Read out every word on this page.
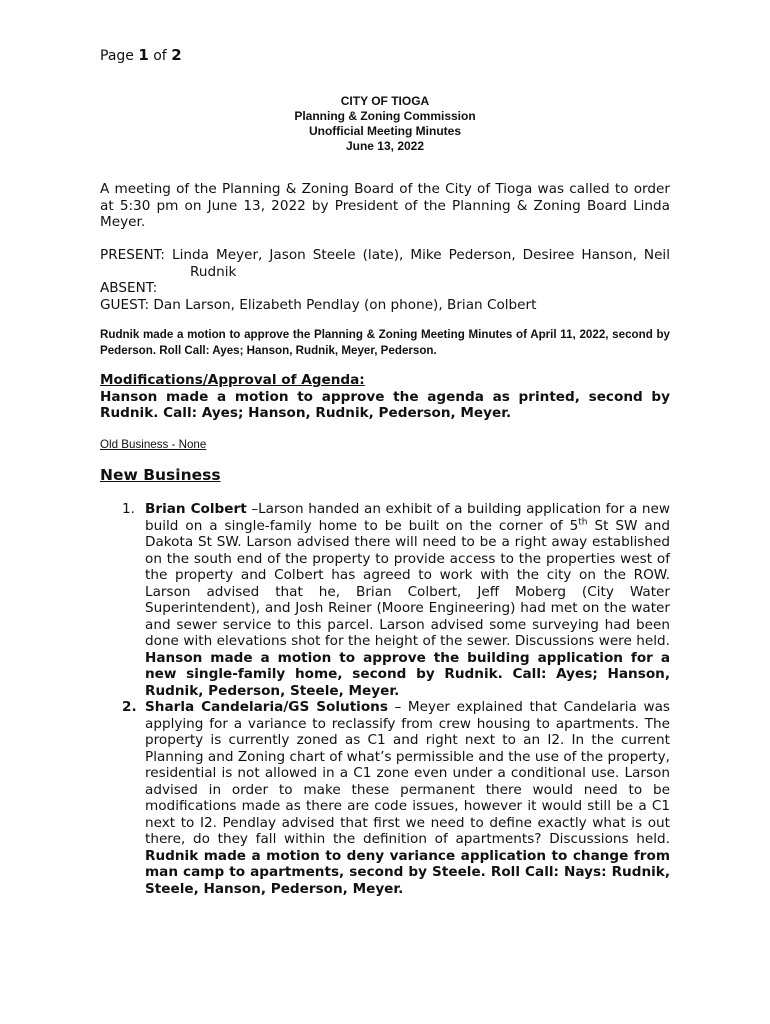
Page 1 of 2
CITY OF TIOGA
Planning & Zoning Commission
Unofficial Meeting Minutes
June 13, 2022
A meeting of the Planning & Zoning Board of the City of Tioga was called to order at 5:30 pm on June 13, 2022 by President of the Planning & Zoning Board Linda Meyer.
PRESENT: Linda Meyer, Jason Steele (late), Mike Pederson, Desiree Hanson, Neil
Rudnik
ABSENT:
GUEST: Dan Larson, Elizabeth Pendlay (on phone), Brian Colbert
Rudnik made a motion to approve the Planning & Zoning Meeting Minutes of April 11, 2022, second by Pederson. Roll Call: Ayes; Hanson, Rudnik, Meyer, Pederson.
Modifications/Approval of Agenda:
Hanson made a motion to approve the agenda as printed, second by Rudnik. Call: Ayes; Hanson, Rudnik, Pederson, Meyer.
Old Business - None
New Business
1. Brian Colbert –Larson handed an exhibit of a building application for a new build on a single-family home to be built on the corner of 5th St SW and Dakota St SW. Larson advised there will need to be a right away established on the south end of the property to provide access to the properties west of the property and Colbert has agreed to work with the city on the ROW. Larson advised that he, Brian Colbert, Jeff Moberg (City Water Superintendent), and Josh Reiner (Moore Engineering) had met on the water and sewer service to this parcel. Larson advised some surveying had been done with elevations shot for the height of the sewer. Discussions were held. Hanson made a motion to approve the building application for a new single-family home, second by Rudnik. Call: Ayes; Hanson, Rudnik, Pederson, Steele, Meyer.
2. Sharla Candelaria/GS Solutions – Meyer explained that Candelaria was applying for a variance to reclassify from crew housing to apartments. The property is currently zoned as C1 and right next to an I2. In the current Planning and Zoning chart of what’s permissible and the use of the property, residential is not allowed in a C1 zone even under a conditional use. Larson advised in order to make these permanent there would need to be modifications made as there are code issues, however it would still be a C1 next to I2. Pendlay advised that first we need to define exactly what is out there, do they fall within the definition of apartments? Discussions held. Rudnik made a motion to deny variance application to change from man camp to apartments, second by Steele. Roll Call: Nays: Rudnik, Steele, Hanson, Pederson, Meyer.
